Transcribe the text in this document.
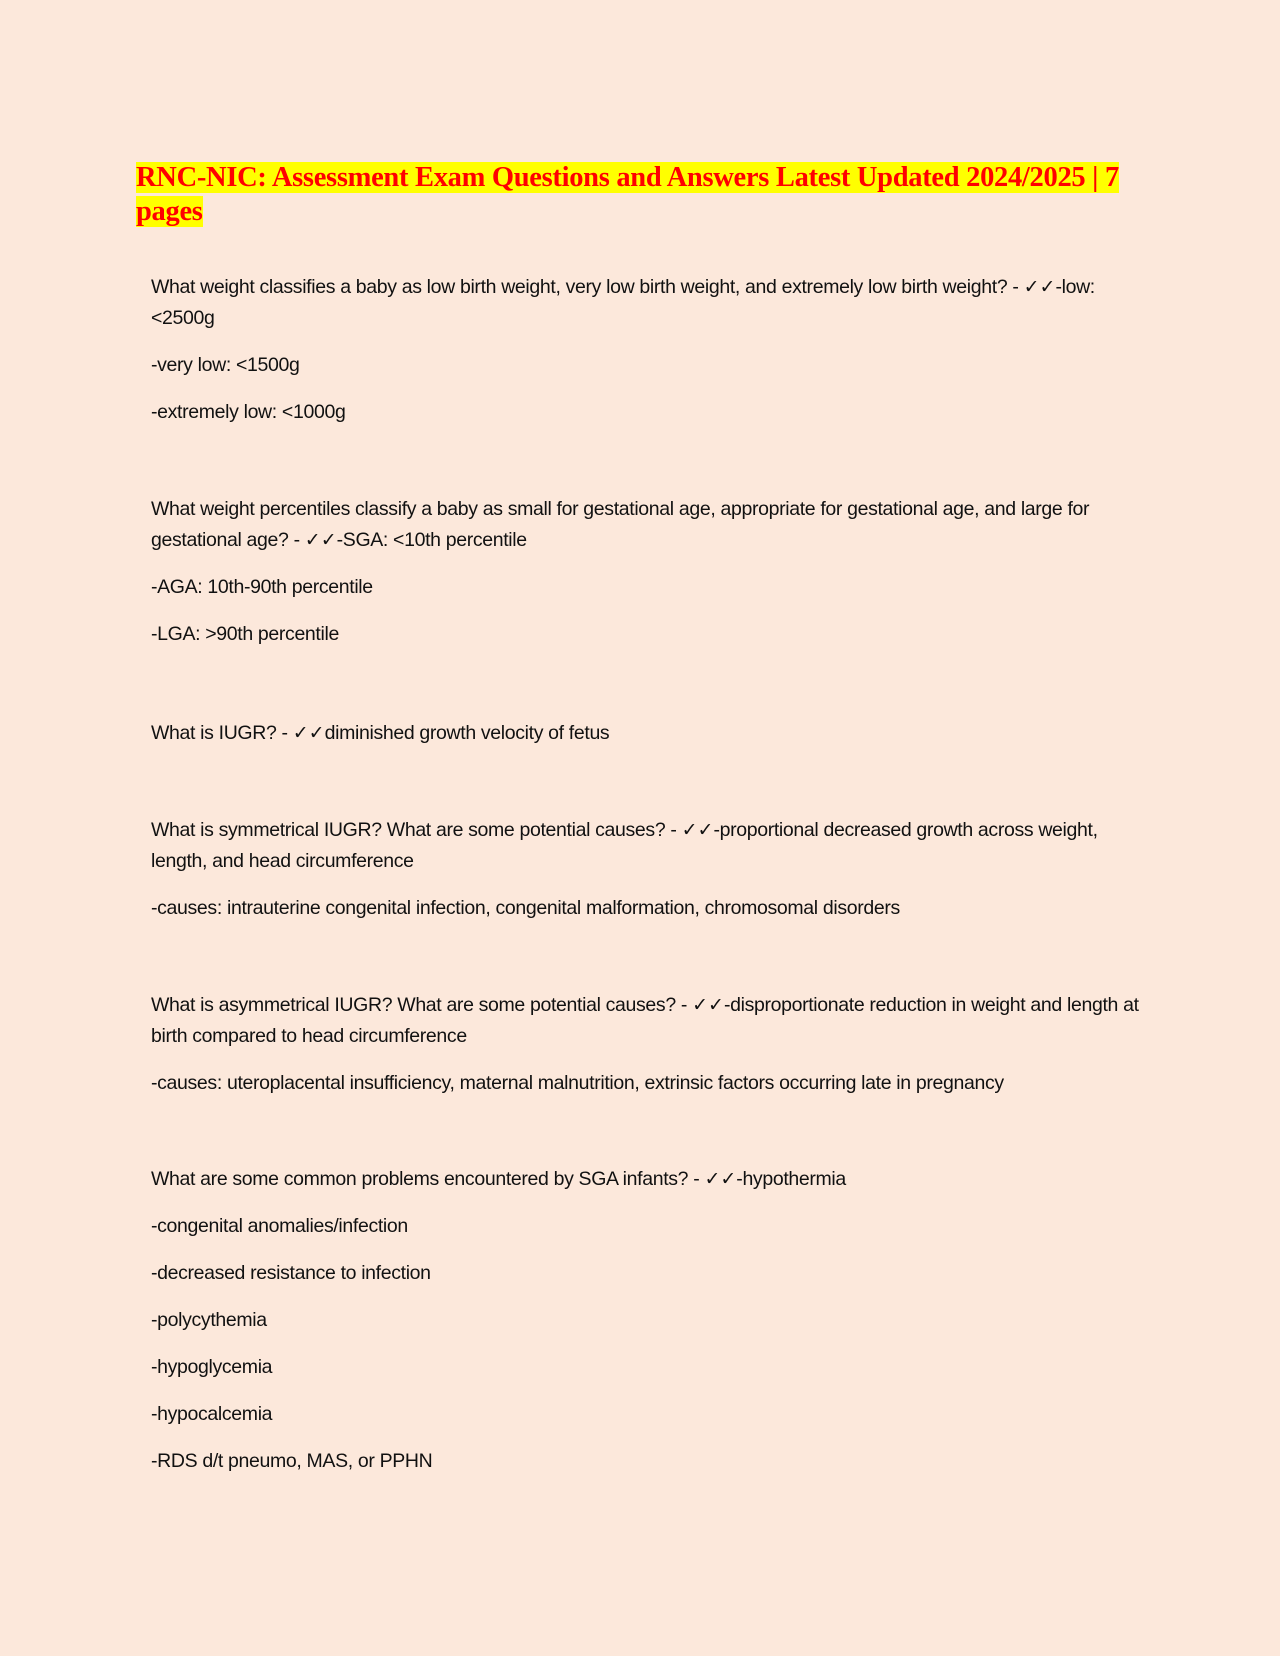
RNC-NIC: Assessment Exam Questions and Answers Latest Updated 2024/2025 | 7 pages

What weight classifies a baby as low birth weight, very low birth weight, and extremely low birth weight? - ✓✓-low: <2500g

-very low: <1500g

-extremely low: <1000g

What weight percentiles classify a baby as small for gestational age, appropriate for gestational age, and large for gestational age? - ✓✓-SGA: <10th percentile

-AGA: 10th-90th percentile

-LGA: >90th percentile

What is IUGR? - ✓✓diminished growth velocity of fetus

What is symmetrical IUGR? What are some potential causes? - ✓✓-proportional decreased growth across weight, length, and head circumference

-causes: intrauterine congenital infection, congenital malformation, chromosomal disorders

What is asymmetrical IUGR? What are some potential causes? - ✓✓-disproportionate reduction in weight and length at birth compared to head circumference

-causes: uteroplacental insufficiency, maternal malnutrition, extrinsic factors occurring late in pregnancy

What are some common problems encountered by SGA infants? - ✓✓-hypothermia

-congenital anomalies/infection

-decreased resistance to infection

-polycythemia

-hypoglycemia

-hypocalcemia

-RDS d/t pneumo, MAS, or PPHN
